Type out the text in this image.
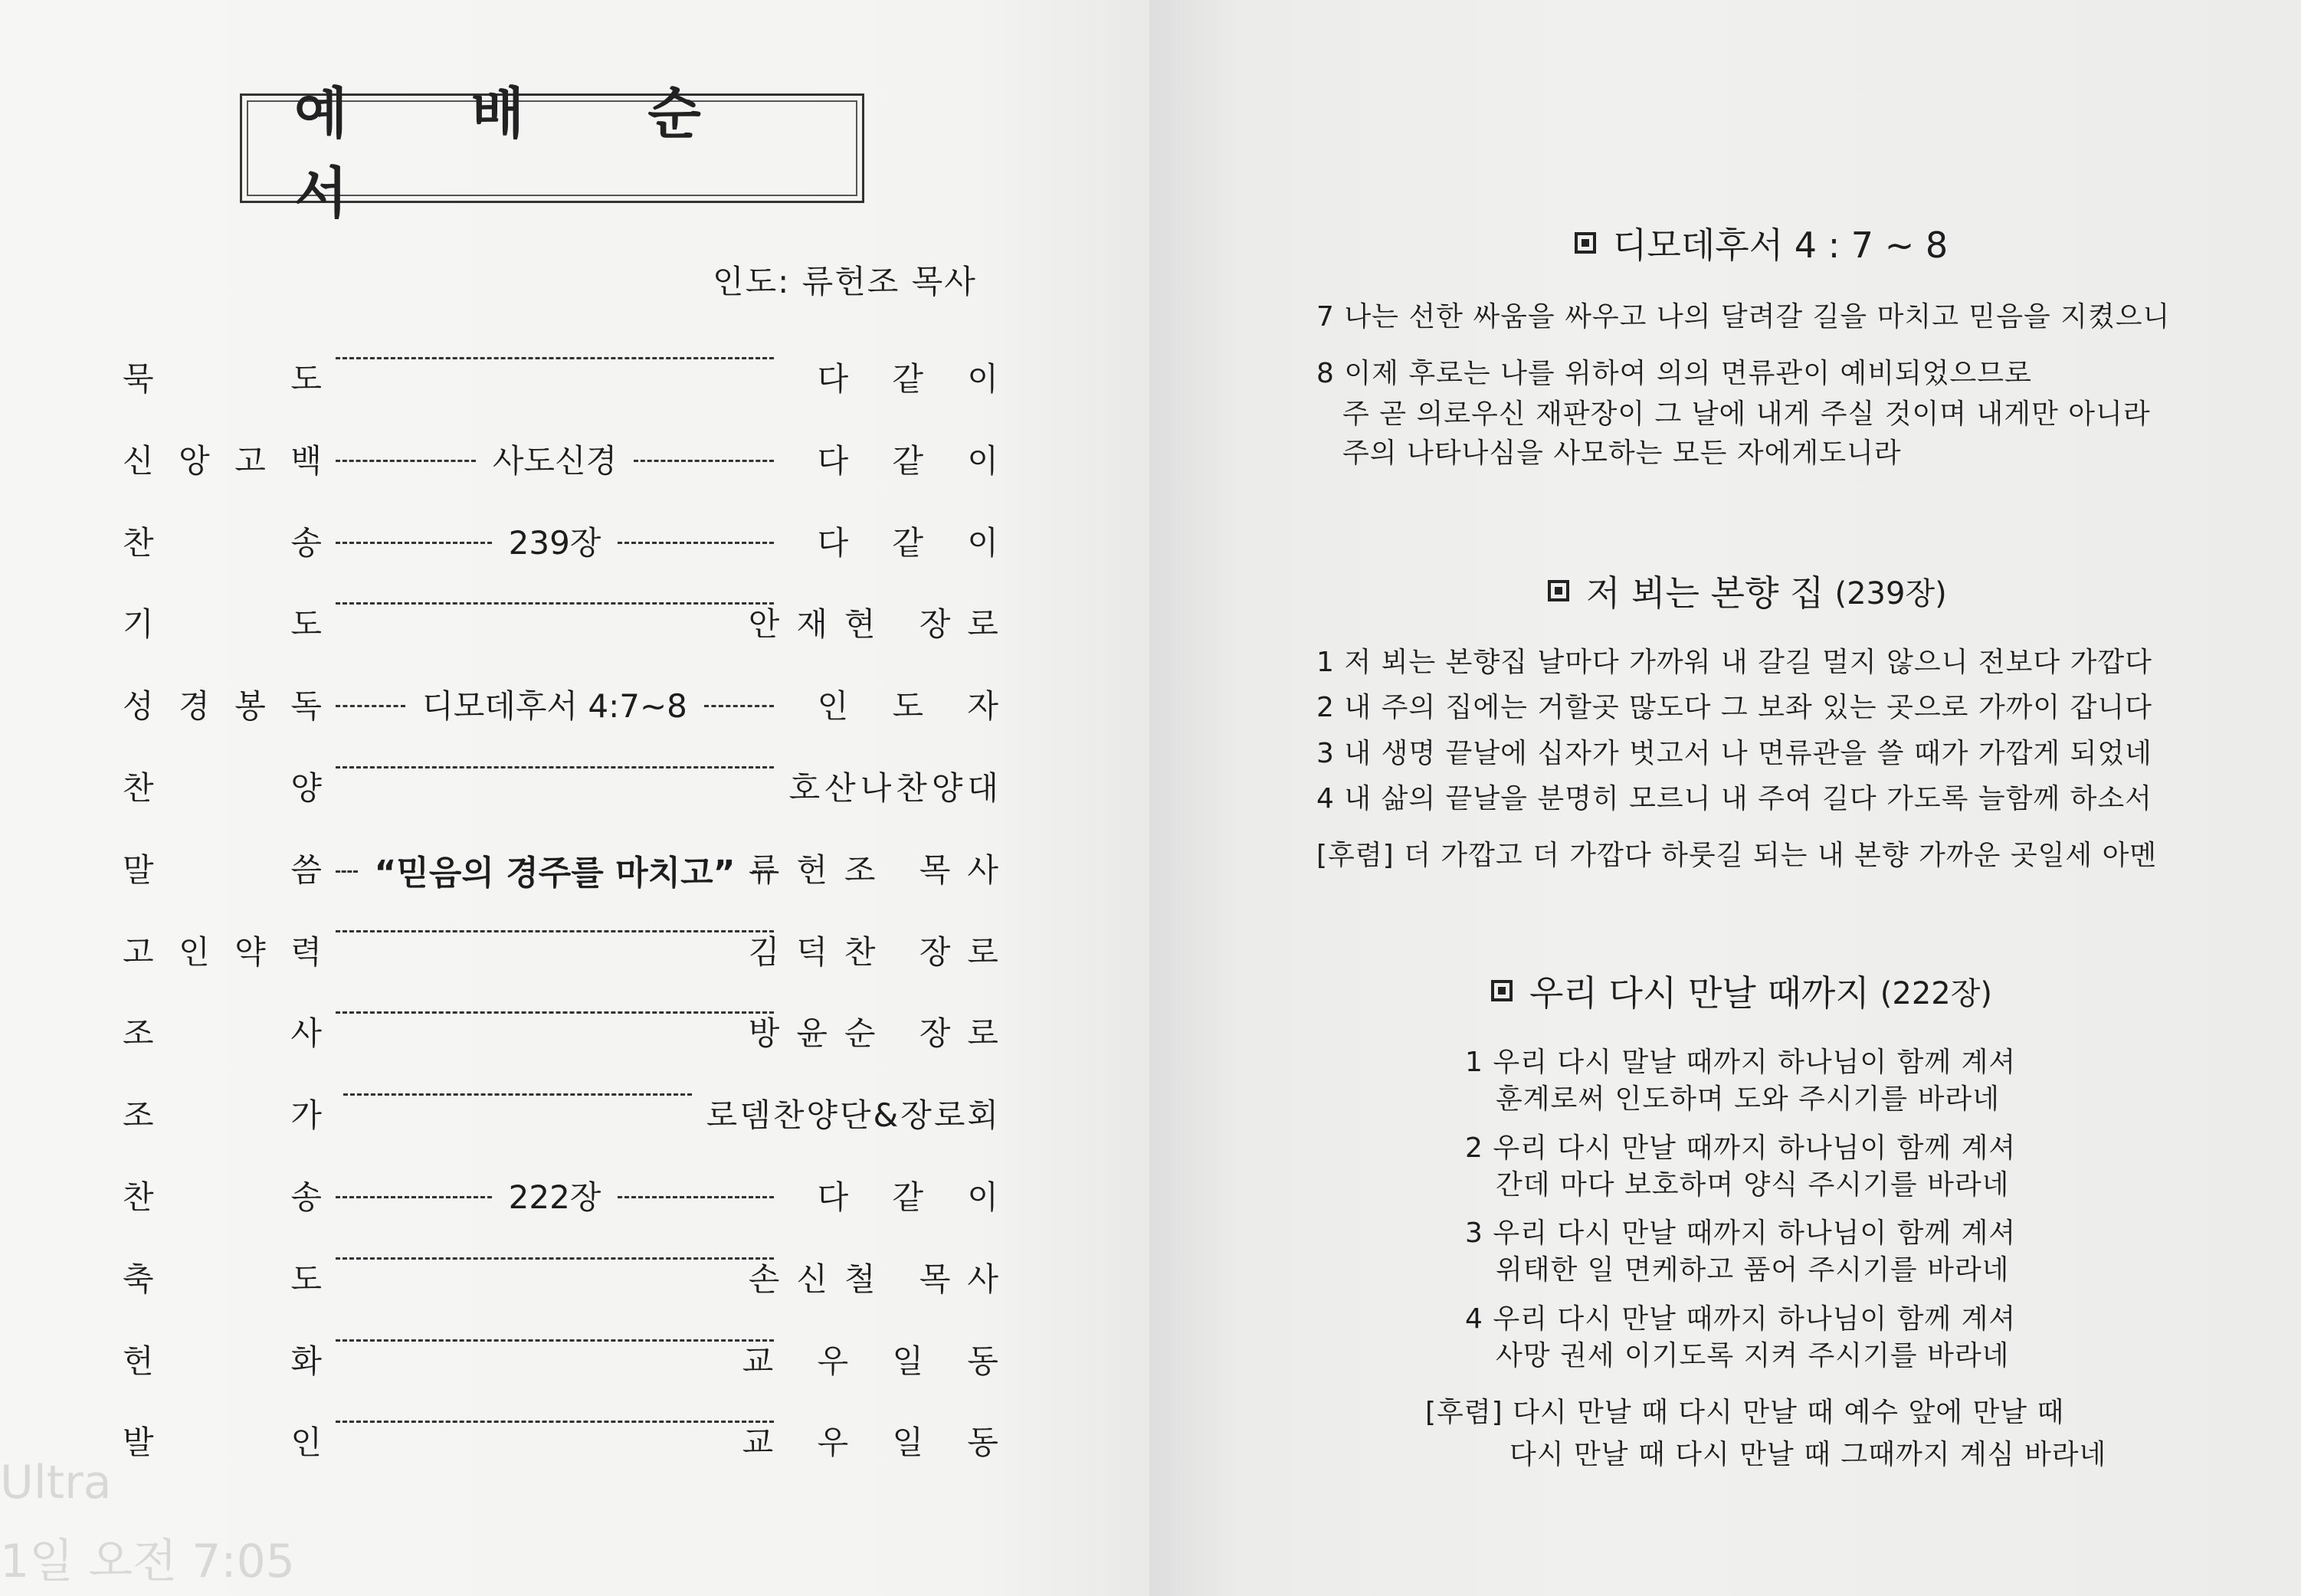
예 배 순 서
인도: 류헌조 목사
묵	도	다 같 이
신 앙 고 백	사도신경	다 같 이
찬	송	239장	다 같 이
기	도	안재현 장로
성 경 봉 독	디모데후서 4:7~8	인 도 자
찬	양	호산나찬양대
말	씀	“믿음의 경주를 마치고” 류헌조 목사
고 인 약 력	김덕찬 장로
조	사	방윤순 장로
조	가	로뎀찬양단&장로회
찬	송	222장	다 같 이
축	도	손신철 목사
헌	화	교 우 일 동
발	인	교 우 일 동
Ultra
1일 오전 7:05
디모데후서 4 : 7 ~ 8
7 나는 선한 싸움을 싸우고 나의 달려갈 길을 마치고 믿음을 지켰으니
8 이제 후로는 나를 위하여 의의 면류관이 예비되었으므로
주 곧 의로우신 재판장이 그 날에 내게 주실 것이며 내게만 아니라
주의 나타나심을 사모하는 모든 자에게도니라
저 뵈는 본향 집 (239장)
1 저 뵈는 본향집 날마다 가까워 내 갈길 멀지 않으니 전보다 가깝다
2 내 주의 집에는 거할곳 많도다 그 보좌 있는 곳으로 가까이 갑니다
3 내 생명 끝날에 십자가 벗고서 나 면류관을 쓸 때가 가깝게 되었네
4 내 삶의 끝날을 분명히 모르니 내 주여 길다 가도록 늘함께 하소서
[후렴] 더 가깝고 더 가깝다 하룻길 되는 내 본향 가까운 곳일세 아멘
우리 다시 만날 때까지 (222장)
1 우리 다시 말날 때까지 하나님이 함께 계셔
훈계로써 인도하며 도와 주시기를 바라네
2 우리 다시 만날 때까지 하나님이 함께 계셔
간데 마다 보호하며 양식 주시기를 바라네
3 우리 다시 만날 때까지 하나님이 함께 계셔
위태한 일 면케하고 품어 주시기를 바라네
4 우리 다시 만날 때까지 하나님이 함께 계셔
사망 권세 이기도록 지켜 주시기를 바라네
[후렴] 다시 만날 때 다시 만날 때 예수 앞에 만날 때
다시 만날 때 다시 만날 때 그때까지 계심 바라네
